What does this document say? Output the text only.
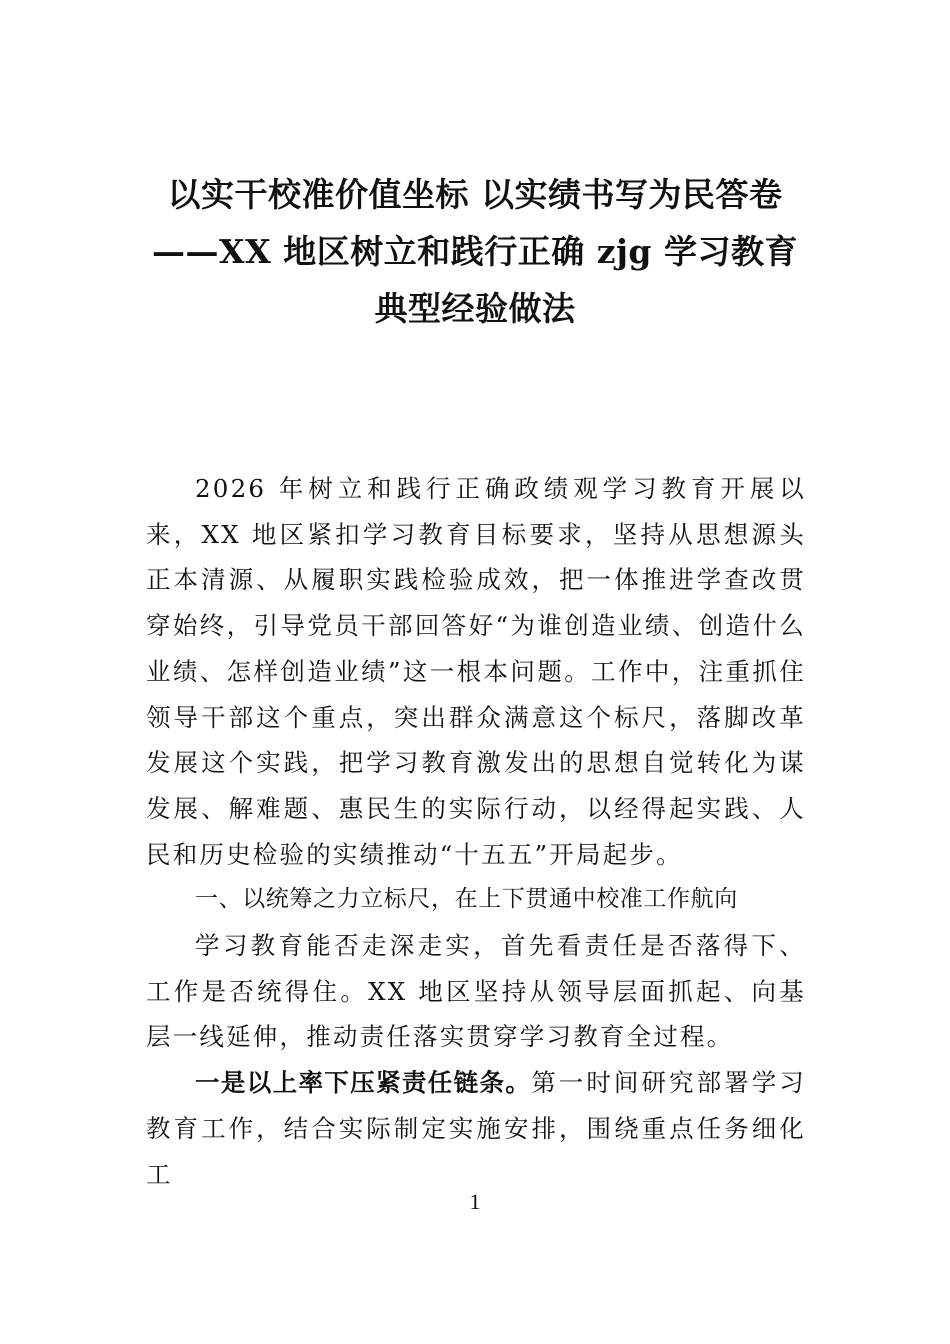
以实干校准价值坐标 以实绩书写为民答卷
——XX 地区树立和践行正确 zjg 学习教育
典型经验做法

2026 年树立和践行正确政绩观学习教育开展以来，XX 地区紧扣学习教育目标要求，坚持从思想源头正本清源、从履职实践检验成效，把一体推进学查改贯穿始终，引导党员干部回答好“为谁创造业绩、创造什么业绩、怎样创造业绩”这一根本问题。工作中，注重抓住领导干部这个重点，突出群众满意这个标尺，落脚改革发展这个实践，把学习教育激发出的思想自觉转化为谋发展、解难题、惠民生的实际行动，以经得起实践、人民和历史检验的实绩推动“十五五”开局起步。

一、以统筹之力立标尺，在上下贯通中校准工作航向

学习教育能否走深走实，首先看责任是否落得下、工作是否统得住。XX 地区坚持从领导层面抓起、向基层一线延伸，推动责任落实贯穿学习教育全过程。

一是以上率下压紧责任链条。第一时间研究部署学习教育工作，结合实际制定实施安排，围绕重点任务细化工

1
